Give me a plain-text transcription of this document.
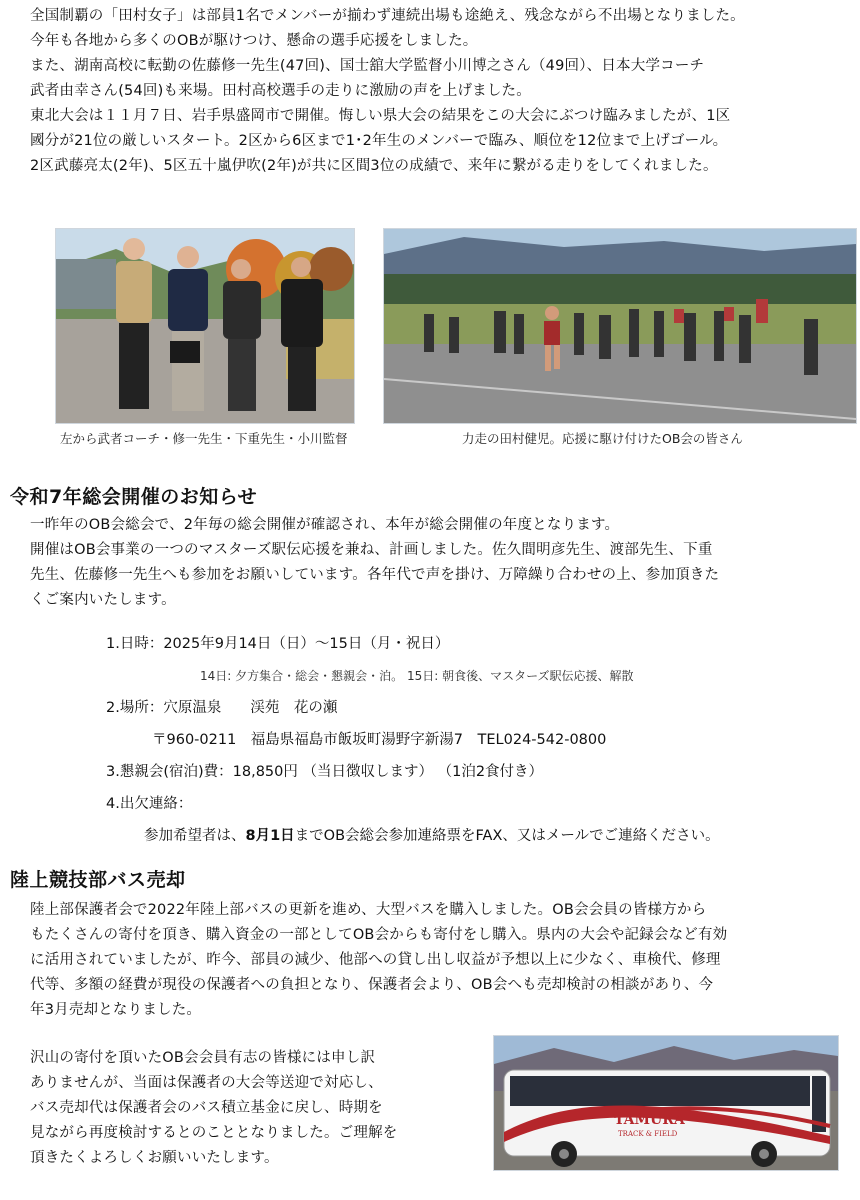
全国制覇の「田村女子」は部員1名でメンバーが揃わず連続出場も途絶え、残念ながら不出場となりました。

今年も各地から多くのOBが駆けつけ、懸命の選手応援をしました。

また、湖南高校に転勤の佐藤修一先生(47回)、国士舘大学監督小川博之さん（49回）、日本大学コーチ

武者由幸さん(54回)も来場。田村高校選手の走りに激励の声を上げました。

東北大会は１１月７日、岩手県盛岡市で開催。悔しい県大会の結果をこの大会にぶつけ臨みましたが、1区

國分が21位の厳しいスタート。2区から6区まで1･2年生のメンバーで臨み、順位を12位まで上げゴール。

2区武藤亮太(2年)、5区五十嵐伊吹(2年)が共に区間3位の成績で、来年に繋がる走りをしてくれました。

左から武者コーチ・修一先生・下重先生・小川監督	力走の田村健児。応援に駆け付けたOB会の皆さん
令和7年総会開催のお知らせ

一昨年のOB会総会で、2年毎の総会開催が確認され、本年が総会開催の年度となります。

開催はOB会事業の一つのマスターズ駅伝応援を兼ね、計画しました。佐久間明彦先生、渡部先生、下重

先生、佐藤修一先生へも参加をお願いしています。各年代で声を掛け、万障繰り合わせの上、参加頂きた

くご案内いたします。

1.日時：2025年9月14日（日）～15日（月・祝日）
14日: 夕方集合・総会・懇親会・泊。 15日: 朝食後、マスターズ駅伝応援、解散
2.場所：穴原温泉　　渓苑　花の瀬
〒960-0211　福島県福島市飯坂町湯野字新湯7　TEL024-542-0800
3.懇親会(宿泊)費：18,850円 （当日徴収します） （1泊2食付き）
4.出欠連絡：
参加希望者は、8月1日までOB会総会参加連絡票をFAX、又はメールでご連絡ください。
陸上競技部バス売却

陸上部保護者会で2022年陸上部バスの更新を進め、大型バスを購入しました。OB会会員の皆様方から

もたくさんの寄付を頂き、購入資金の一部としてOB会からも寄付をし購入。県内の大会や記録会など有効

に活用されていましたが、昨今、部員の減少、他部への貸し出し収益が予想以上に少なく、車検代、修理

代等、多額の経費が現役の保護者への負担となり、保護者会より、OB会へも売却検討の相談があり、今

年3月売却となりました。

沢山の寄付を頂いたOB会会員有志の皆様には申し訳

ありませんが、当面は保護者の大会等送迎で対応し、

バス売却代は保護者会のバス積立基金に戻し、時期を

見ながら再度検討するとのこととなりました。ご理解を

頂きたくよろしくお願いいたします。

TAMURA
TRACK & FIELD
